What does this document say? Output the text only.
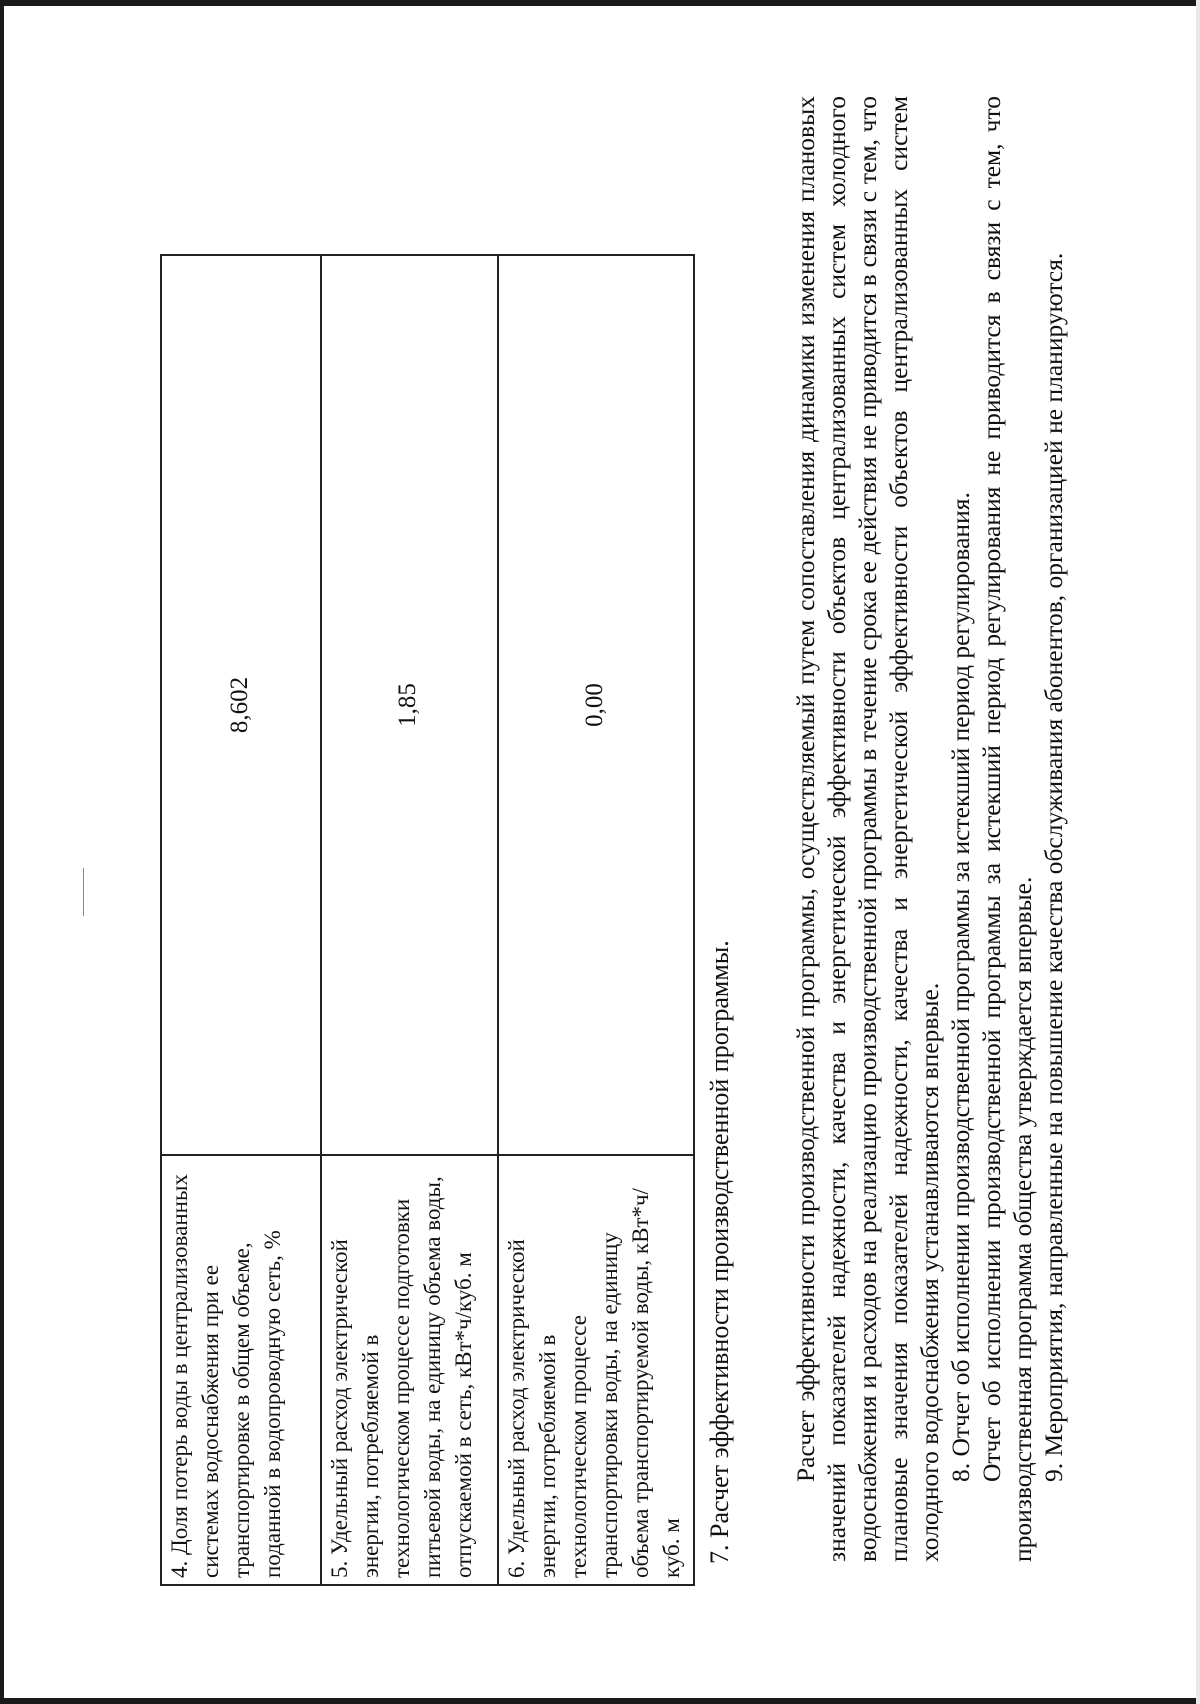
4. Доля потерь воды в централизованных системах водоснабжения при ее транспортировке в общем объеме, поданной в водопроводную сеть, %	8,602
5. Удельный расход электрической энергии, потребляемой в технологическом процессе подготовки питьевой воды, на единицу объема воды, отпускаемой в сеть, кВт*ч/куб. м	1,85
6. Удельный расход электрической энергии, потребляемой в технологическом процессе транспортировки воды, на единицу объема транспортируемой воды, кВт*ч/куб. м	0,00
7. Расчет эффективности производственной программы. Расчет эффективности производственной программы, осуществляемый путем сопоставления динамики изменения плановых значений показателей надежности, качества и энергетической эффективности объектов централизованных систем холодного водоснабжения и расходов на реализацию производственной программы в течение срока ее действия не приводится в связи с тем, что плановые значения показателей надежности, качества и энергетической эффективности объектов централизованных систем холодного водоснабжения устанавливаются впервые. 8. Отчет об исполнении производственной программы за истекший период регулирования. Отчет об исполнении производственной программы за истекший период регулирования не приводится в связи с тем, что производственная программа общества утверждается впервые. 9. Мероприятия, направленные на повышение качества обслуживания абонентов, организацией не планируются.
